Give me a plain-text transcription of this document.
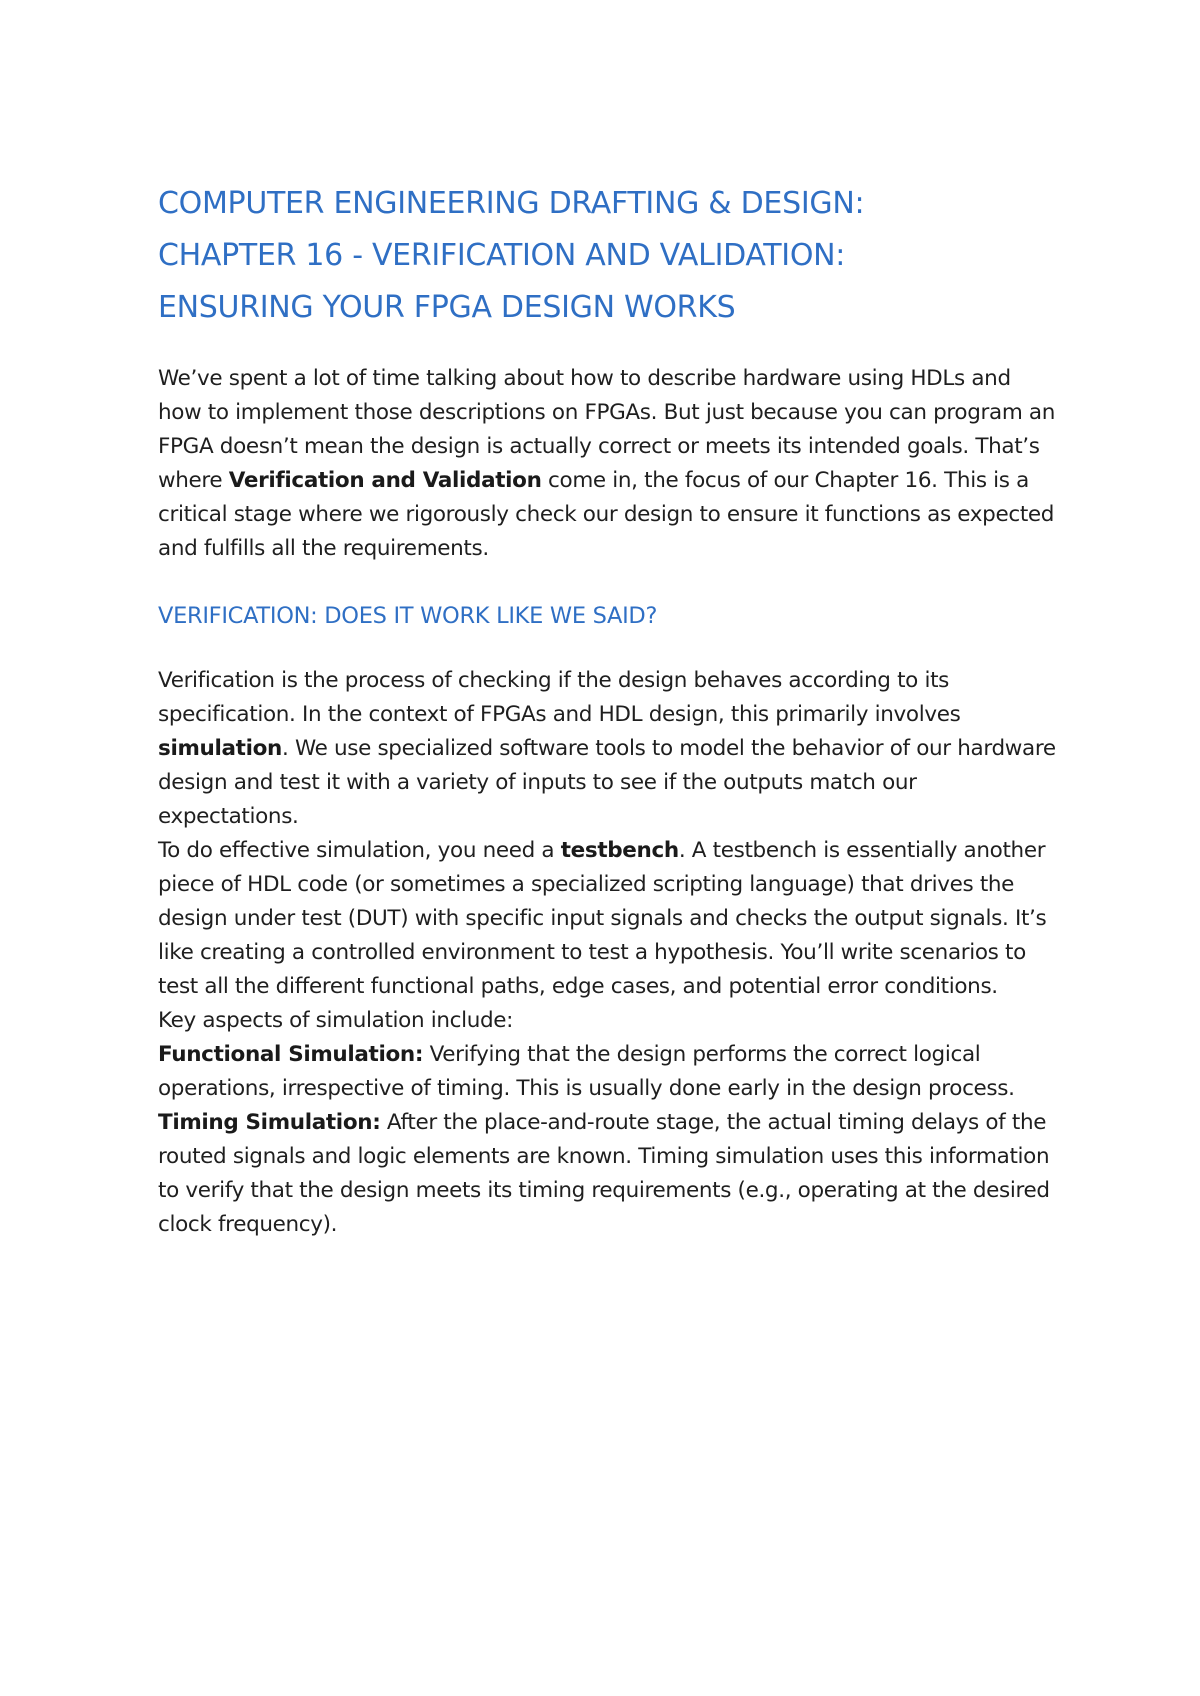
COMPUTER ENGINEERING DRAFTING & DESIGN:
CHAPTER 16 - VERIFICATION AND VALIDATION:
ENSURING YOUR FPGA DESIGN WORKS

We’ve spent a lot of time talking about how to describe hardware using HDLs and how to implement those descriptions on FPGAs. But just because you can program an FPGA doesn’t mean the design is actually correct or meets its intended goals. That’s where Verification and Validation come in, the focus of our Chapter 16. This is a critical stage where we rigorously check our design to ensure it functions as expected and fulfills all the requirements.

VERIFICATION: DOES IT WORK LIKE WE SAID?

Verification is the process of checking if the design behaves according to its specification. In the context of FPGAs and HDL design, this primarily involves simulation. We use specialized software tools to model the behavior of our hardware design and test it with a variety of inputs to see if the outputs match our expectations.

To do effective simulation, you need a testbench. A testbench is essentially another piece of HDL code (or sometimes a specialized scripting language) that drives the design under test (DUT) with specific input signals and checks the output signals. It’s like creating a controlled environment to test a hypothesis. You’ll write scenarios to test all the different functional paths, edge cases, and potential error conditions.

Key aspects of simulation include:

Functional Simulation: Verifying that the design performs the correct logical operations, irrespective of timing. This is usually done early in the design process.

Timing Simulation: After the place-and-route stage, the actual timing delays of the routed signals and logic elements are known. Timing simulation uses this information to verify that the design meets its timing requirements (e.g., operating at the desired clock frequency).
